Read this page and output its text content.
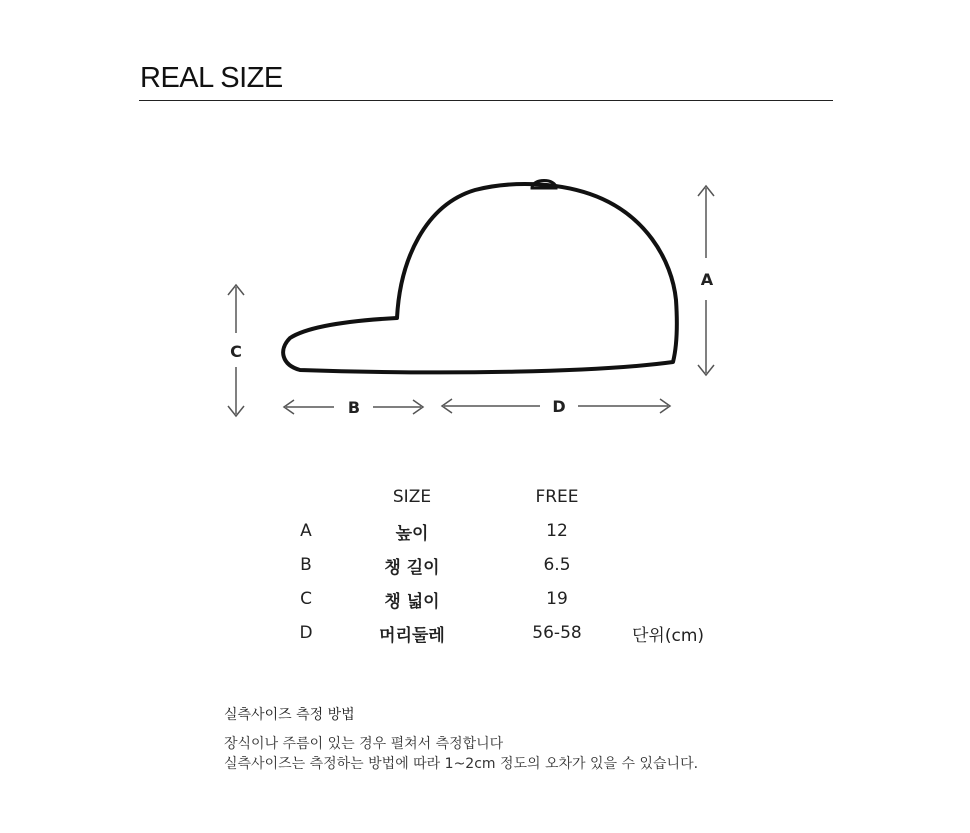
REAL SIZE
A
C
B	D
	SIZE	FREE	
A	높이	12	
B	챙 길이	6.5	
C	챙 넓이	19	
D	머리둘레	56-58	단위(cm)
실측사이즈 측정 방법
장식이나 주름이 있는 경우 펼쳐서 측정합니다
실측사이즈는 측정하는 방법에 따라 1~2cm 정도의 오차가 있을 수 있습니다.
